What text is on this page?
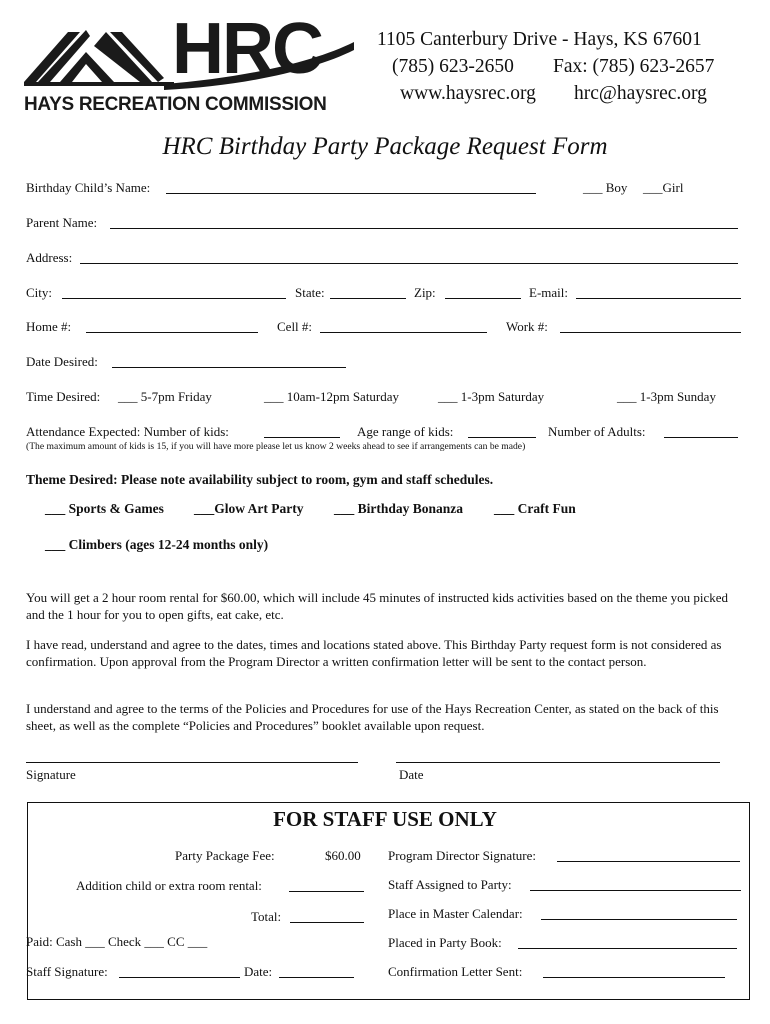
HRC
HAYS RECREATION COMMISSION
1105 Canterbury Drive - Hays, KS 67601
(785) 623-2650 Fax: (785) 623-2657
www.haysrec.org hrc@haysrec.org
HRC Birthday Party Package Request Form
Birthday Child’s Name:	___ Boy ___Girl
Parent Name:
Address:
City:	State:	Zip:	E-mail:
Home #:	Cell #:	Work #:
Date Desired:
Time Desired: ___ 5-7pm Friday	___ 10am-12pm Saturday	___ 1-3pm Saturday	___ 1-3pm Sunday
Attendance Expected: Number of kids:	Age range of kids:	Number of Adults:
(The maximum amount of kids is 15, if you will have more please let us know 2 weeks ahead to see if arrangements can be made)
Theme Desired: Please note availability subject to room, gym and staff schedules.
___ Sports & Games ___Glow Art Party ___ Birthday Bonanza ___ Craft Fun
___ Climbers (ages 12-24 months only)
You will get a 2 hour room rental for $60.00, which will include 45 minutes of instructed kids activities based on the theme you picked and the 1 hour for you to open gifts, eat cake, etc.
I have read, understand and agree to the dates, times and locations stated above. This Birthday Party request form is not considered as confirmation. Upon approval from the Program Director a written confirmation letter will be sent to the contact person.
I understand and agree to the terms of the Policies and Procedures for use of the Hays Recreation Center, as stated on the back of this sheet, as well as the complete “Policies and Procedures” booklet available upon request.
Signature	Date
FOR STAFF USE ONLY
Party Package Fee:	$60.00
Addition child or extra room rental:
Total:
Paid: Cash ___ Check ___ CC ___
Staff Signature:	Date:
Program Director Signature:
Staff Assigned to Party:
Place in Master Calendar:
Placed in Party Book:
Confirmation Letter Sent:
